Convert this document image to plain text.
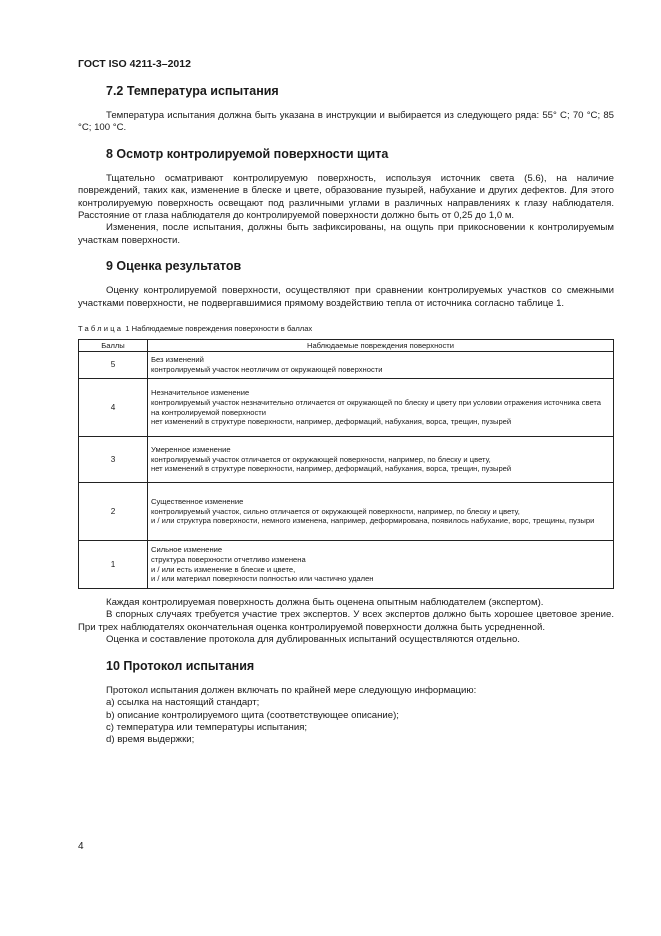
ГОСТ ISO 4211-3–2012
7.2 Температура испытания

Температура испытания должна быть указана в инструкции и выбирается из следующего ряда: 55° С; 70 °С; 85 °С; 100 °С.

8 Осмотр контролируемой поверхности щита

Тщательно осматривают контролируемую поверхность, используя источник света (5.6), на наличие повреждений, таких как, изменение в блеске и цвете, образование пузырей, набухание и других дефектов. Для этого контролируемую поверхность освещают под различными углами в различных направлениях к глазу наблюдателя. Расстояние от глаза наблюдателя до контролируемой поверхности должно быть от 0,25 до 1,0 м.

Изменения, после испытания, должны быть зафиксированы, на ощупь при прикосновении к контролируемым участкам поверхности.

9 Оценка результатов

Оценку контролируемой поверхности, осуществляют при сравнении контролируемых участков со смежными участками поверхности, не подвергавшимися прямому воздействию тепла от источника согласно таблице 1.

Таблица 1 Наблюдаемые повреждения поверхности в баллах
Баллы	Наблюдаемые повреждения поверхности
5	Без изменений
контролируемый участок неотличим от окружающей поверхности

4	Незначительное изменение
контролируемый участок незначительно отличается от окружающей по блеску и цвету при условии отражения источника света на контролируемой поверхности
нет изменений в структуре поверхности, например, деформаций, набухания, ворса, трещин, пузырей

3	Умеренное изменение
контролируемый участок отличается от окружающей поверхности, например, по блеску и цвету,
нет изменений в структуре поверхности, например, деформаций, набухания, ворса, трещин, пузырей

2	Существенное изменение
контролируемый участок, сильно отличается от окружающей поверхности, например, по блеску и цвету,
и / или структура поверхности, немного изменена, например, деформирована, появилось набухание, ворс, трещины, пузыри

1	Сильное изменение
структура поверхности отчетливо изменена
и / или есть изменение в блеске и цвете,
и / или материал поверхности полностью или частично удален

Каждая контролируемая поверхность должна быть оценена опытным наблюдателем (экспертом).

В спорных случаях требуется участие трех экспертов. У всех экспертов должно быть хорошее цветовое зрение. При трех наблюдателях окончательная оценка контролируемой поверхности должна быть усредненной.

Оценка и составление протокола для дублированных испытаний осуществляются отдельно.

10 Протокол испытания

Протокол испытания должен включать по крайней мере следующую информацию:

a) ссылка на настоящий стандарт;

b) описание контролируемого щита (соответствующее описание);

c) температура или температуры испытания;

d) время выдержки;

4
